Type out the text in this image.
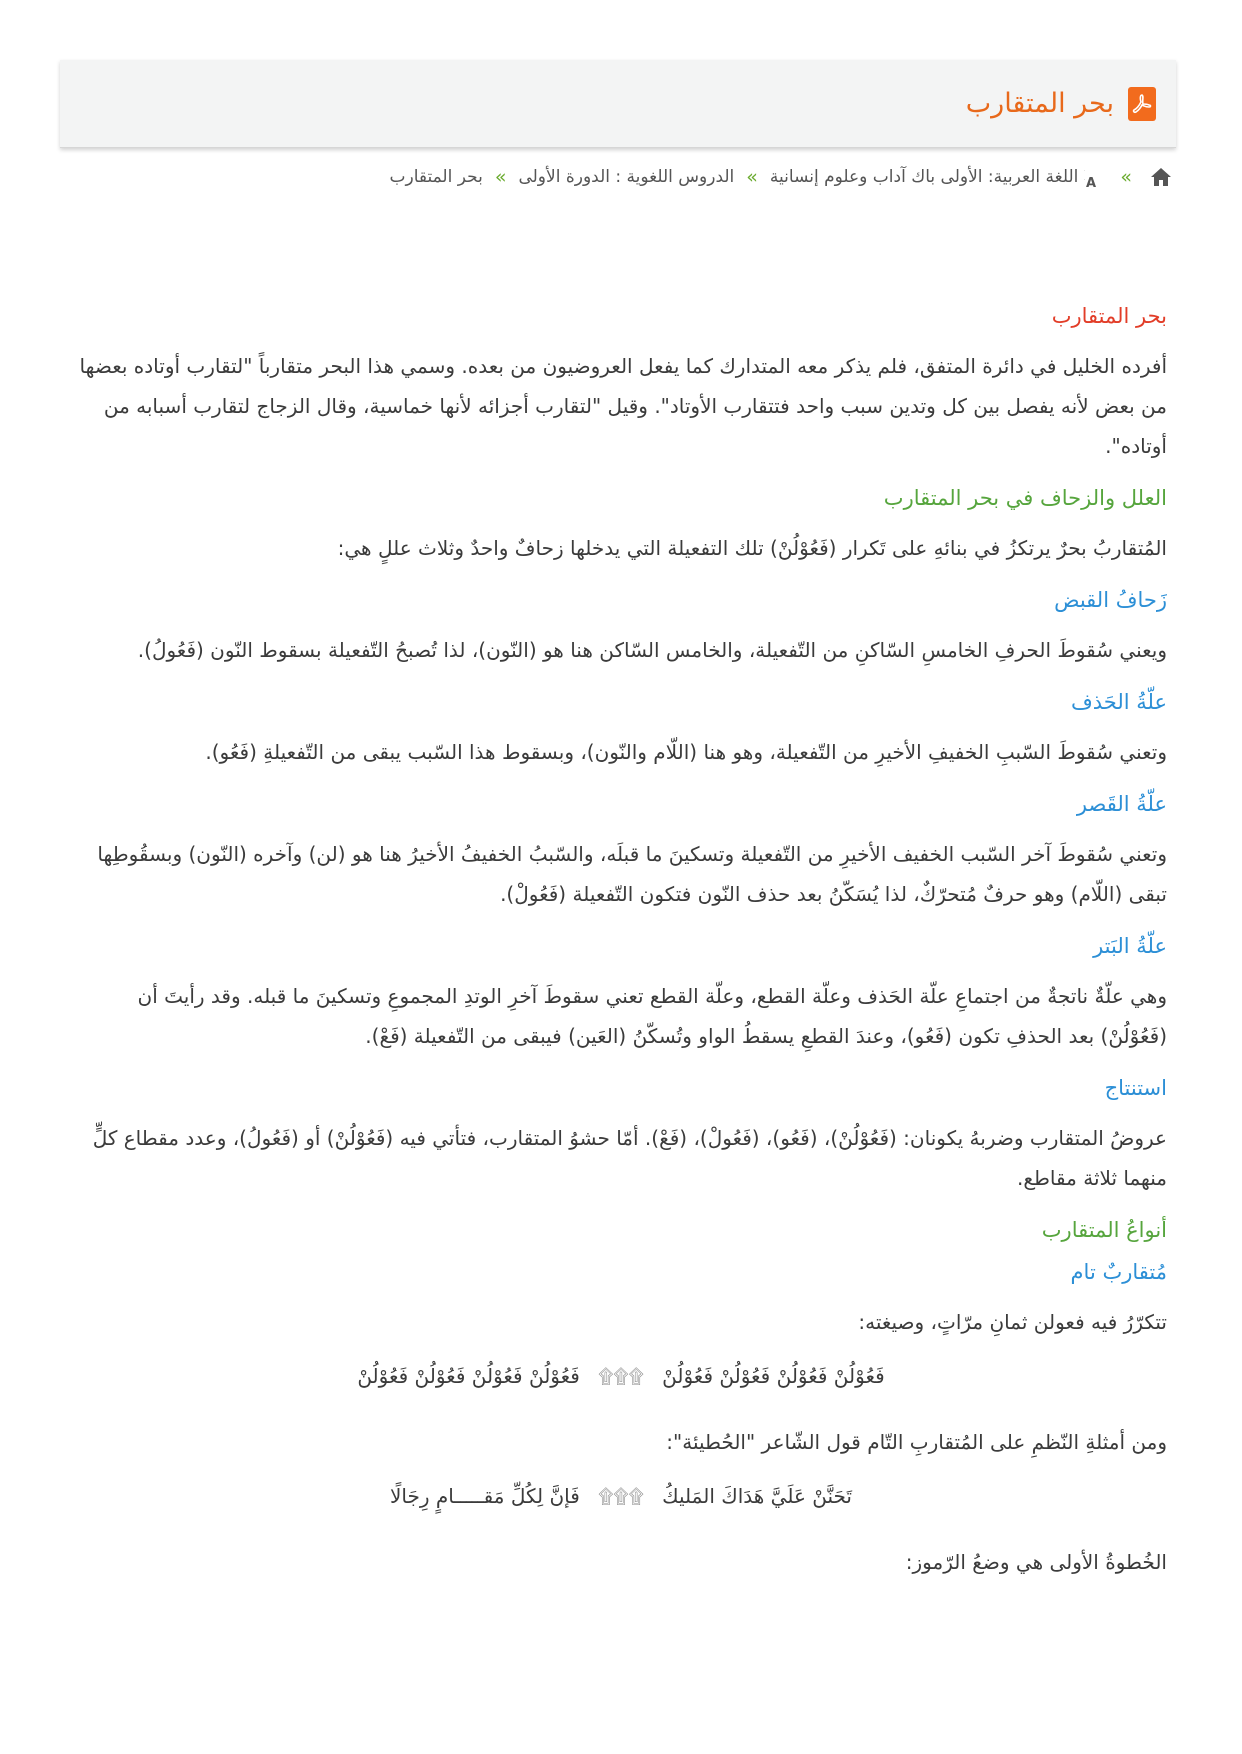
بحر المتقارب
»
A
اللغة العربية: الأولى باك آداب وعلوم إنسانية
»
الدروس اللغوية : الدورة الأولى
»
بحر المتقارب
بحر المتقارب

أفرده الخليل في دائرة المتفق، فلم يذكر معه المتدارك كما يفعل العروضيون من بعده. وسمي هذا البحر متقارباً "لتقارب أوتاده بعضها من بعض لأنه يفصل بين كل وتدين سبب واحد فتتقارب الأوتاد". وقيل "لتقارب أجزائه لأنها خماسية، وقال الزجاج لتقارب أسبابه من أوتاده".

العلل والزحاف في بحر المتقارب

المُتقاربُ بحرٌ يرتكزُ في بنائهِ على تَكرار (فَعُوْلُنْ) تلك التفعيلة التي يدخلها زحافٌ واحدٌ وثلاث عللٍ هي:

زَحافُ القبض

ويعني سُقوطَ الحرفِ الخامسِ السّاكنِ من التّفعيلة، والخامس السّاكن هنا هو (النّون)، لذا تُصبحُ التّفعيلة بسقوط النّون (فَعُولُ).

علّةُ الحَذف

وتعني سُقوطَ السّببِ الخفيفِ الأخيرِ من التّفعيلة، وهو هنا (اللّام والنّون)، وبسقوط هذا السّبب يبقى من التّفعيلةِ (فَعُو).

علّةُ القَصر

وتعني سُقوطَ آخر السّبب الخفيف الأخيرِ من التّفعيلة وتسكينَ ما قبلَه، والسّببُ الخفيفُ الأخيرُ هنا هو (لن) وآخره (النّون) وبسقُوطِها تبقى (اللّام) وهو حرفٌ مُتحرّكٌ، لذا يُسَكّنُ بعد حذف النّون فتكون التّفعيلة (فَعُولْ).

علّةُ البَتر

وهي علّةٌ ناتجةٌ من اجتماعِ علّة الحَذف وعلّة القطع، وعلّة القطع تعني سقوطَ آخرِ الوتدِ المجموعِ وتسكينَ ما قبله. وقد رأيتَ أن (فَعُوْلُنْ) بعد الحذفِ تكون (فَعُو)، وعندَ القطعِ يسقطُ الواو وتُسكّنُ (العَين) فيبقى من التّفعيلة (فَعْ).

استنتاج

عروضُ المتقارب وضربهُ يكونان: (فَعُوْلُنْ)، (فَعُو)، (فَعُولْ)، (فَعْ). أمّا حشوُ المتقارب، فتأتي فيه (فَعُوْلُنْ) أو (فَعُولُ)، وعدد مقطاع كلٍّ منهما ثلاثة مقاطع.

أنواعُ المتقارب
مُتقاربٌ تام

تتكرّرُ فيه فعولن ثمانِ مرّاتٍ، وصيغته:

فَعُوْلُنْ فَعُوْلُنْ فَعُوْلُنْ فَعُوْلُنْ ۩۩۩ فَعُوْلُنْ فَعُوْلُنْ فَعُوْلُنْ فَعُوْلُنْ

ومن أمثلةِ النّظمِ على المُتقاربِ التّام قول الشّاعر "الحُطيئة":

تَحَنَّنْ عَلَيَّ هَدَاكَ المَليكُ ۩۩۩ فَإنَّ لِكُلِّ مَقـــــامٍ رِجَالًا

الخُطوةُ الأولى هي وضعُ الرّموز:
